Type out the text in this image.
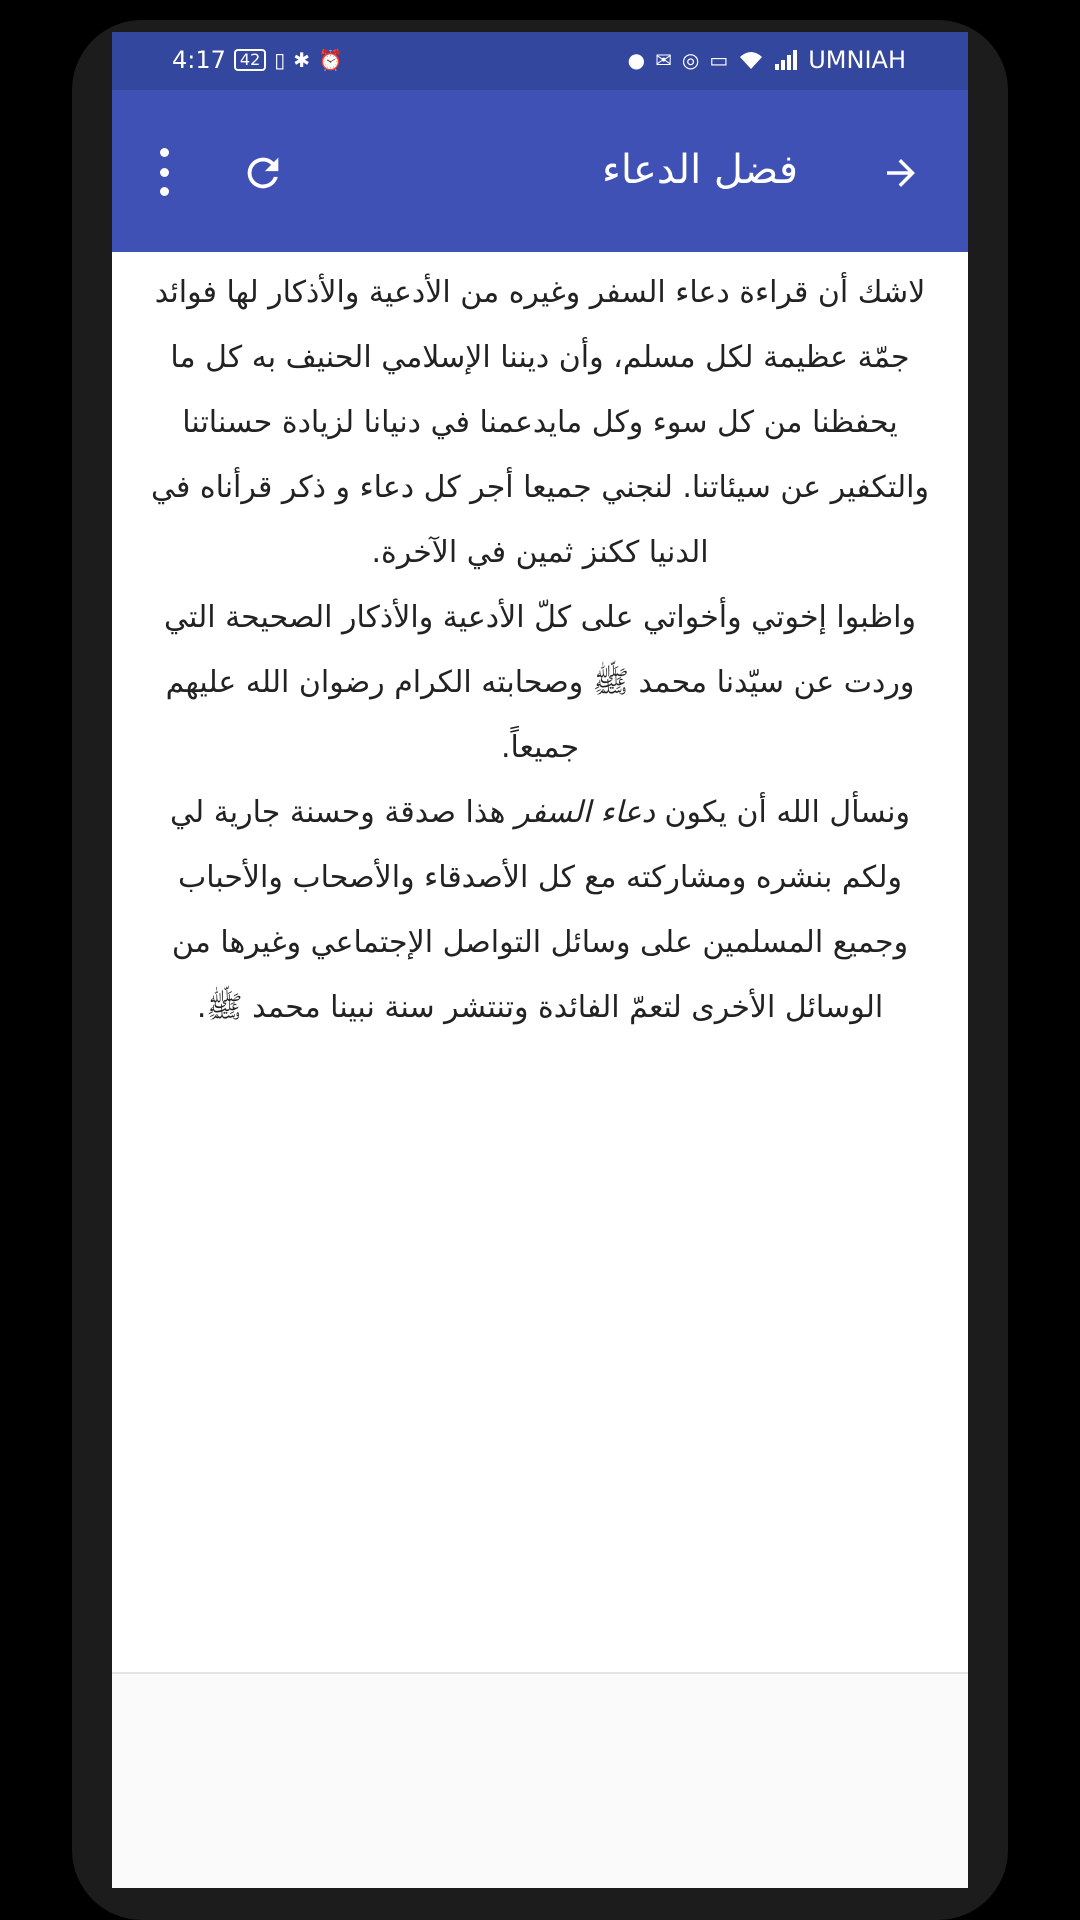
4:17 42 ▯ ✱ ⏰	● ✉ ◎ ▭	UMNIAH
فضل الدعاء

لاشك أن قراءة دعاء السفر وغيره من الأدعية والأذكار لها فوائد جمّة عظيمة لكل مسلم، وأن ديننا الإسلامي الحنيف به كل ما يحفظنا من كل سوء وكل مايدعمنا في دنيانا لزيادة حسناتنا والتكفير عن سيئاتنا. لنجني جميعا أجر كل دعاء و ذكر قرأناه في الدنيا ككنز ثمين في الآخرة.

واظبوا إخوتي وأخواتي على كلّ الأدعية والأذكار الصحيحة التي وردت عن سيّدنا محمد ﷺ وصحابته الكرام رضوان الله عليهم جميعاً.

ونسأل الله أن يكون دعاء السفر هذا صدقة وحسنة جارية لي ولكم بنشره ومشاركته مع كل الأصدقاء والأصحاب والأحباب وجميع المسلمين على وسائل التواصل الإجتماعي وغيرها من الوسائل الأخرى لتعمّ الفائدة وتنتشر سنة نبينا محمد ﷺ.
